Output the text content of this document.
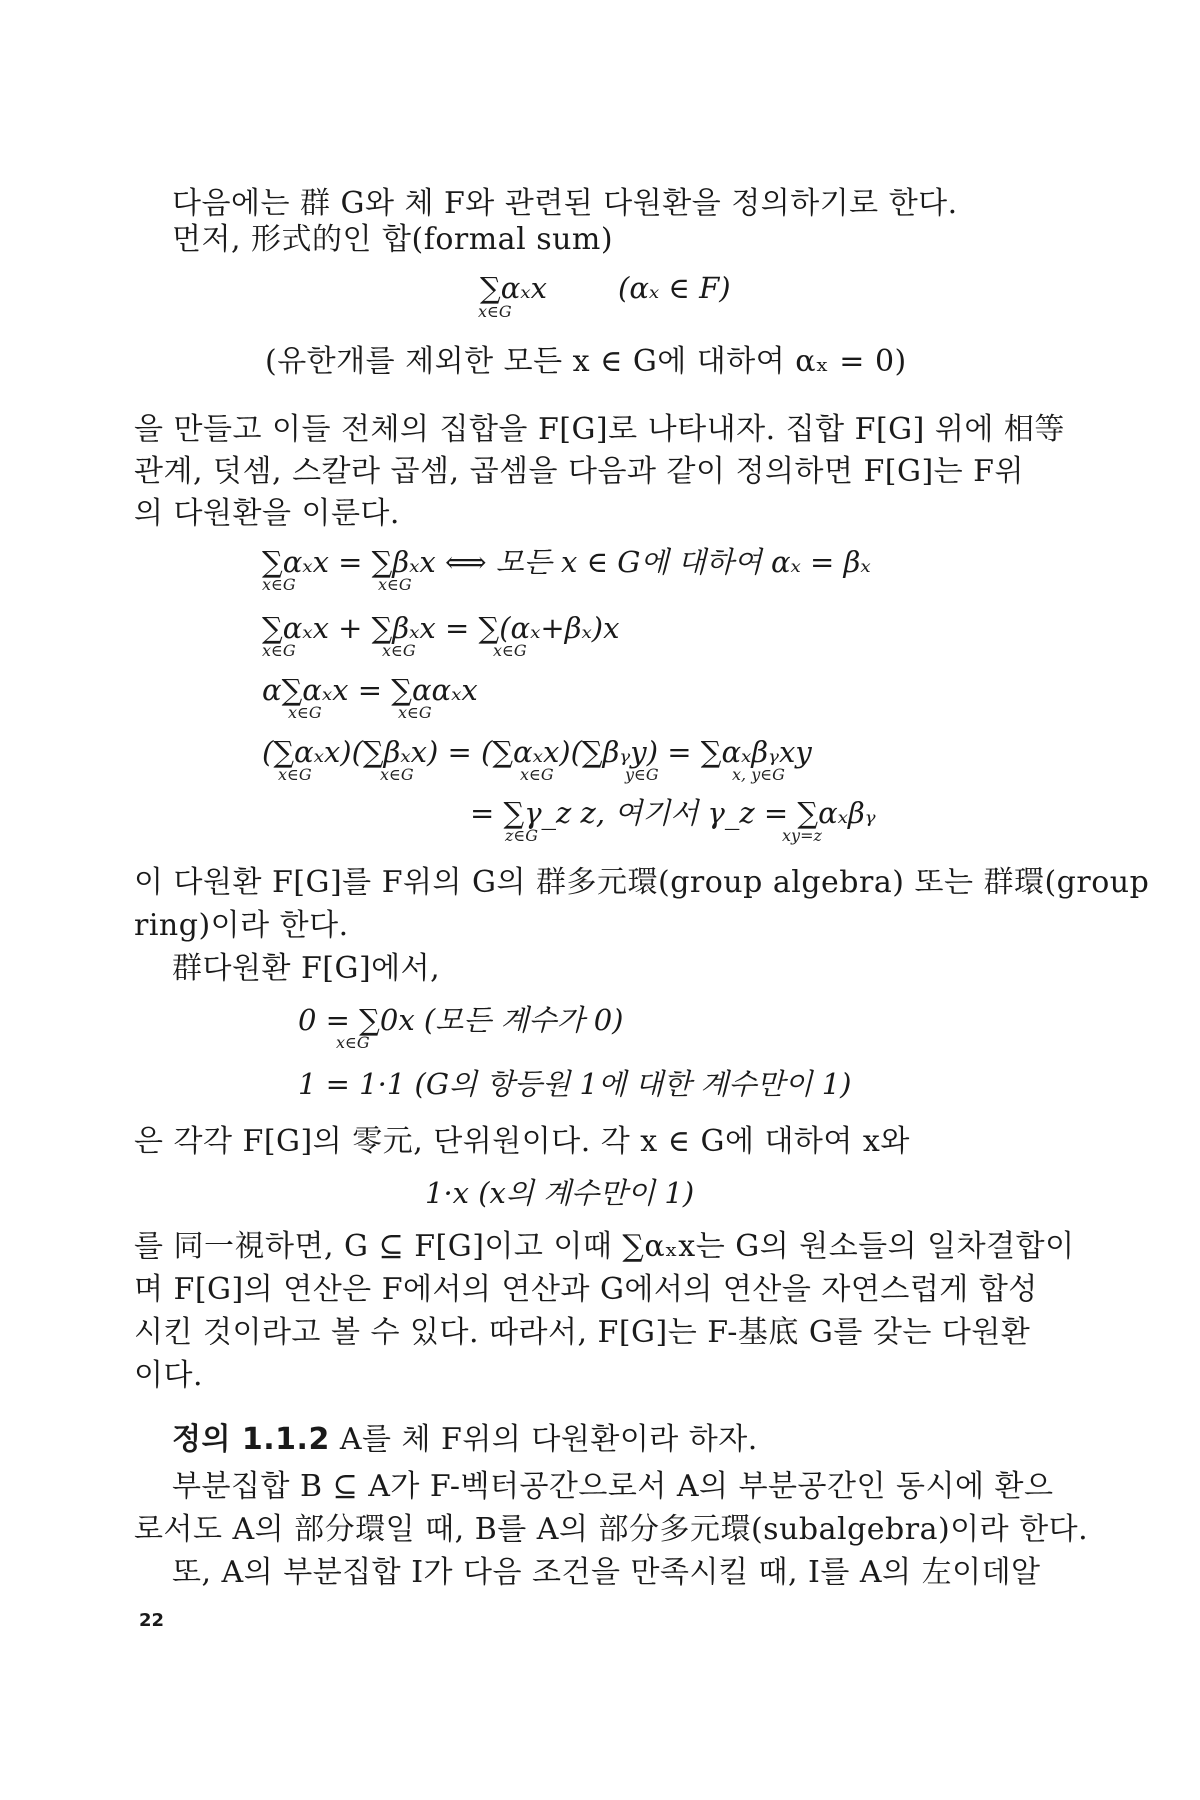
다음에는 群 G와 체 F와 관련된 다원환을 정의하기로 한다.
먼저, 形式的인 합(formal sum)
∑αₓx
x∈G
(αₓ ∈ F)
(유한개를 제외한 모든 x ∈ G에 대하여 αₓ = 0)
을 만들고 이들 전체의 집합을 F[G]로 나타내자. 집합 F[G] 위에 相等
관계, 덧셈, 스칼라 곱셈, 곱셈을 다음과 같이 정의하면 F[G]는 F위
의 다원환을 이룬다.
∑αₓx = ∑βₓx ⟺ 모든 x ∈ G에 대하여 αₓ = βₓ
x∈G	x∈G
∑αₓx + ∑βₓx = ∑(αₓ+βₓ)x
x∈G	x∈G	x∈G
α∑αₓx = ∑ααₓx
x∈G	x∈G
(∑αₓx)(∑βₓx) = (∑αₓx)(∑βᵧy) = ∑αₓβᵧxy
x∈G	x∈G	x∈G	y∈G	x, y∈G
= ∑γ_z z, 여기서 γ_z = ∑αₓβᵧ
z∈G	xy=z
이 다원환 F[G]를 F위의 G의 群多元環(group algebra) 또는 群環(group
ring)이라 한다.
群다원환 F[G]에서,
0 = ∑0x (모든 계수가 0)
x∈G
1 = 1·1 (G의 항등원 1에 대한 계수만이 1)
은 각각 F[G]의 零元, 단위원이다. 각 x ∈ G에 대하여 x와
1·x (x의 계수만이 1)
를 同一視하면, G ⊆ F[G]이고 이때 ∑αₓx는 G의 원소들의 일차결합이
며 F[G]의 연산은 F에서의 연산과 G에서의 연산을 자연스럽게 합성
시킨 것이라고 볼 수 있다. 따라서, F[G]는 F-基底 G를 갖는 다원환
이다.
정의 1.1.2 A를 체 F위의 다원환이라 하자.
부분집합 B ⊆ A가 F-벡터공간으로서 A의 부분공간인 동시에 환으
로서도 A의 部分環일 때, B를 A의 部分多元環(subalgebra)이라 한다.
또, A의 부분집합 I가 다음 조건을 만족시킬 때, I를 A의 左이데알
22
